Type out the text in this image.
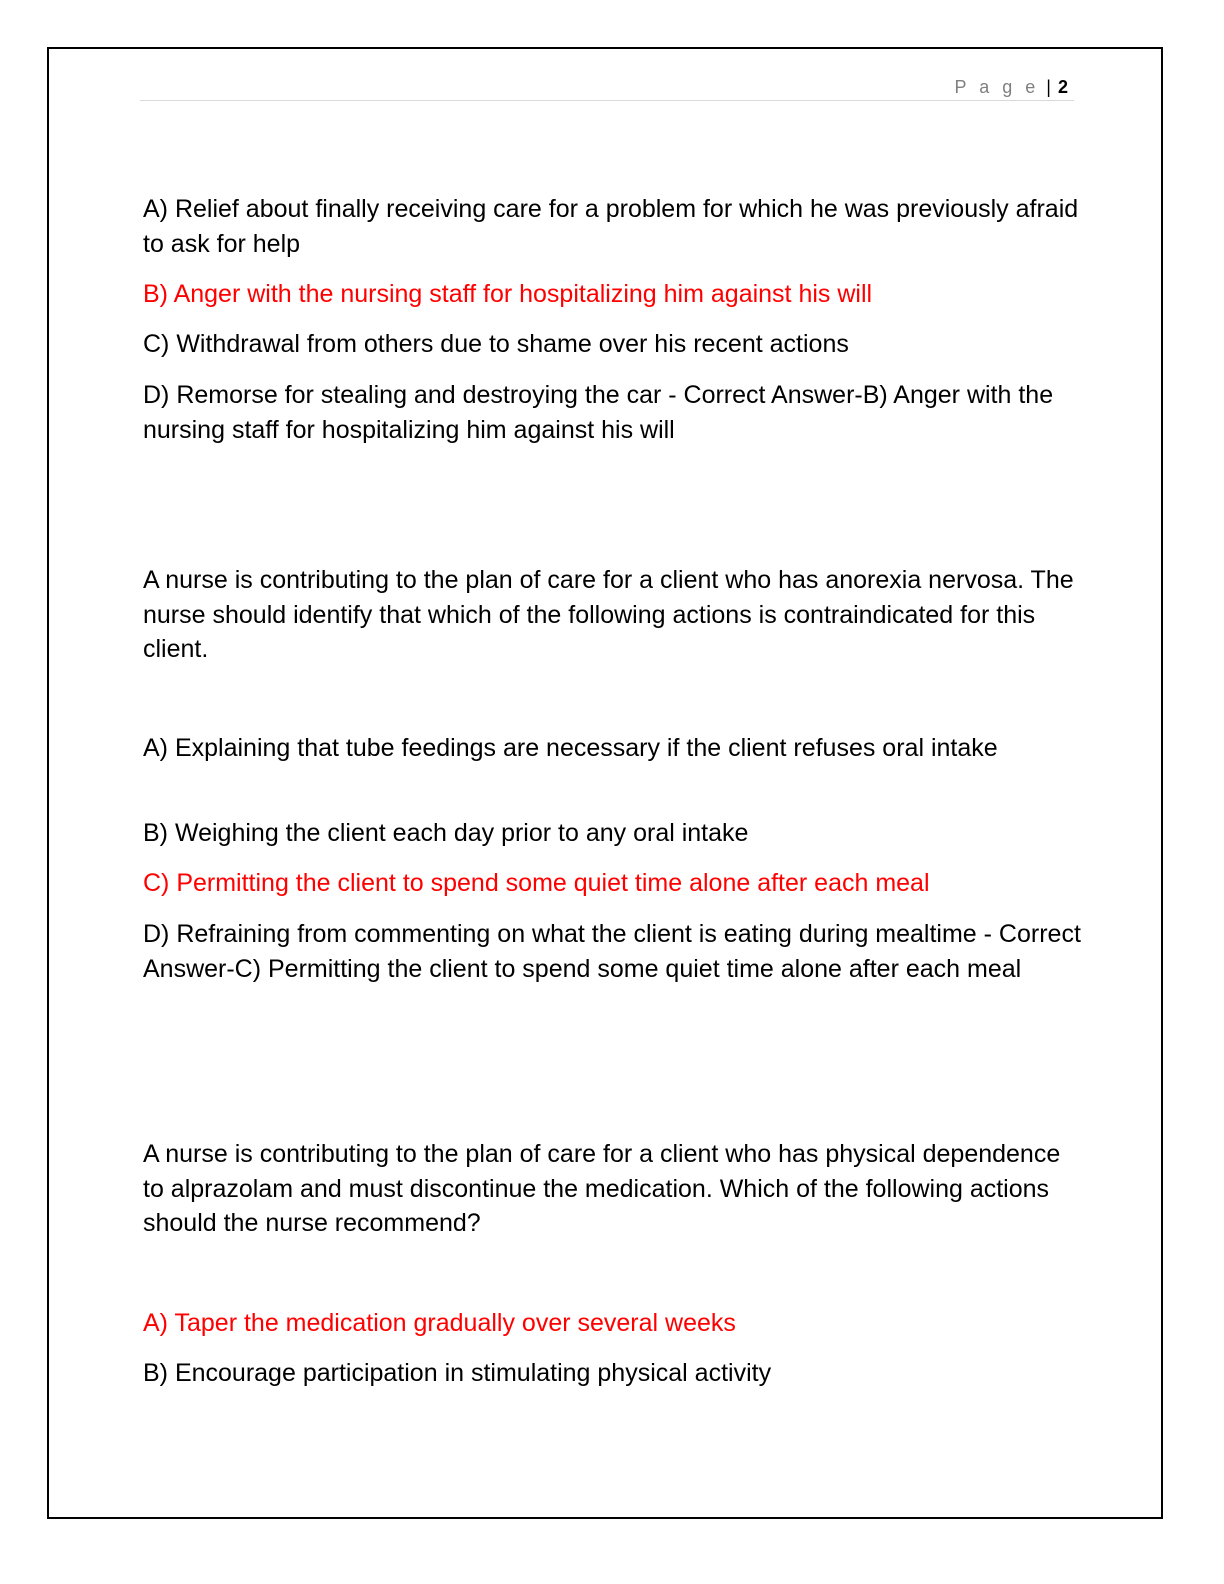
P a g e | 2

A) Relief about finally receiving care for a problem for which he was previously afraid to ask for help

B) Anger with the nursing staff for hospitalizing him against his will

C) Withdrawal from others due to shame over his recent actions

D) Remorse for stealing and destroying the car - Correct Answer-B) Anger with the nursing staff for hospitalizing him against his will

A nurse is contributing to the plan of care for a client who has anorexia nervosa. The nurse should identify that which of the following actions is contraindicated for this client.

A) Explaining that tube feedings are necessary if the client refuses oral intake

B) Weighing the client each day prior to any oral intake

C) Permitting the client to spend some quiet time alone after each meal

D) Refraining from commenting on what the client is eating during mealtime - Correct Answer-C) Permitting the client to spend some quiet time alone after each meal

A nurse is contributing to the plan of care for a client who has physical dependence to alprazolam and must discontinue the medication. Which of the following actions should the nurse recommend?

A) Taper the medication gradually over several weeks

B) Encourage participation in stimulating physical activity
